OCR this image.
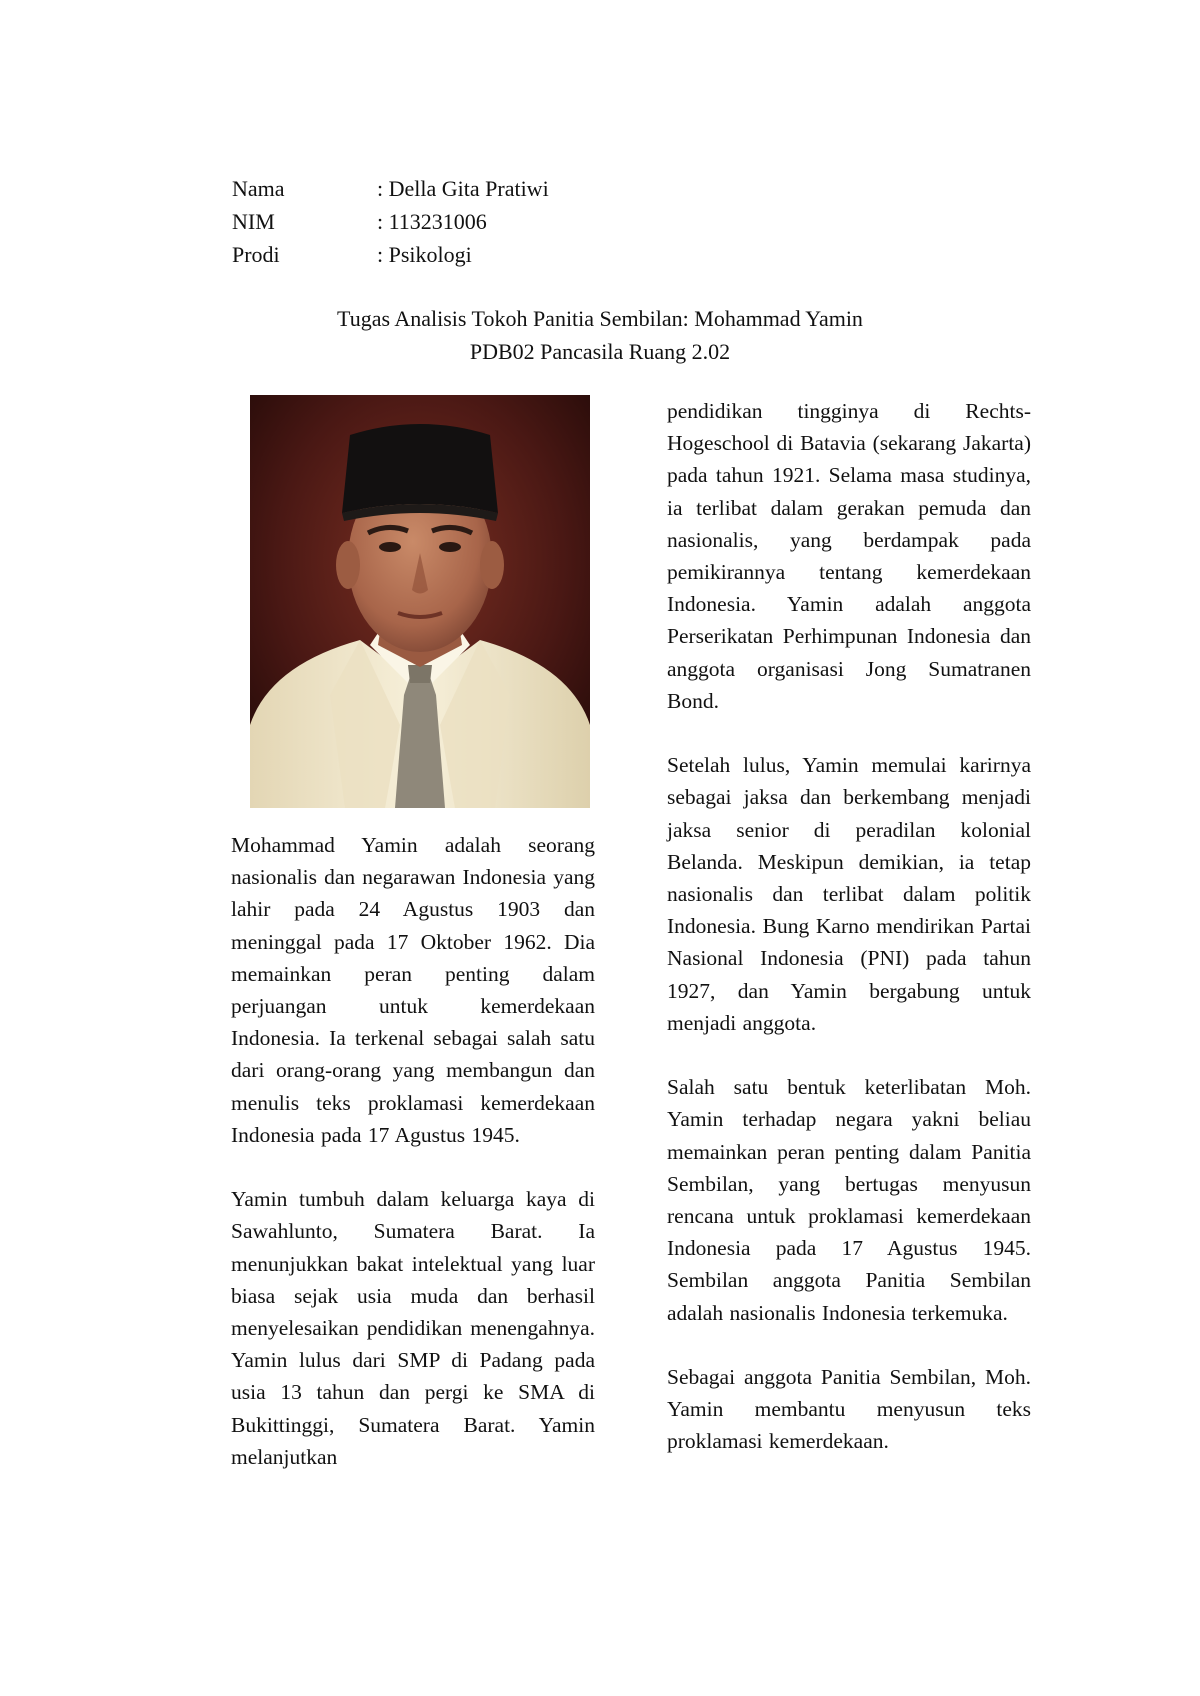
Nama	: Della Gita Pratiwi
NIM	: 113231006
Prodi	: Psikologi
Tugas Analisis Tokoh Panitia Sembilan: Mohammad Yamin
PDB02 Pancasila Ruang 2.02

Mohammad Yamin adalah seorang nasionalis dan negarawan Indonesia yang lahir pada 24 Agustus 1903 dan meninggal pada 17 Oktober 1962. Dia memainkan peran penting dalam perjuangan untuk kemerdekaan Indonesia. Ia terkenal sebagai salah satu dari orang-orang yang membangun dan menulis teks proklamasi kemerdekaan Indonesia pada 17 Agustus 1945.

Yamin tumbuh dalam keluarga kaya di Sawahlunto, Sumatera Barat. Ia menunjukkan bakat intelektual yang luar biasa sejak usia muda dan berhasil menyelesaikan pendidikan menengahnya. Yamin lulus dari SMP di Padang pada usia 13 tahun dan pergi ke SMA di Bukittinggi, Sumatera Barat. Yamin melanjutkan

pendidikan tingginya di Rechts-Hogeschool di Batavia (sekarang Jakarta) pada tahun 1921. Selama masa studinya, ia terlibat dalam gerakan pemuda dan nasionalis, yang berdampak pada pemikirannya tentang kemerdekaan Indonesia. Yamin adalah anggota Perserikatan Perhimpunan Indonesia dan anggota organisasi Jong Sumatranen Bond.

Setelah lulus, Yamin memulai karirnya sebagai jaksa dan berkembang menjadi jaksa senior di peradilan kolonial Belanda. Meskipun demikian, ia tetap nasionalis dan terlibat dalam politik Indonesia. Bung Karno mendirikan Partai Nasional Indonesia (PNI) pada tahun 1927, dan Yamin bergabung untuk menjadi anggota.

Salah satu bentuk keterlibatan Moh. Yamin terhadap negara yakni beliau memainkan peran penting dalam Panitia Sembilan, yang bertugas menyusun rencana untuk proklamasi kemerdekaan Indonesia pada 17 Agustus 1945. Sembilan anggota Panitia Sembilan adalah nasionalis Indonesia terkemuka.

Sebagai anggota Panitia Sembilan, Moh. Yamin membantu menyusun teks proklamasi kemerdekaan.
